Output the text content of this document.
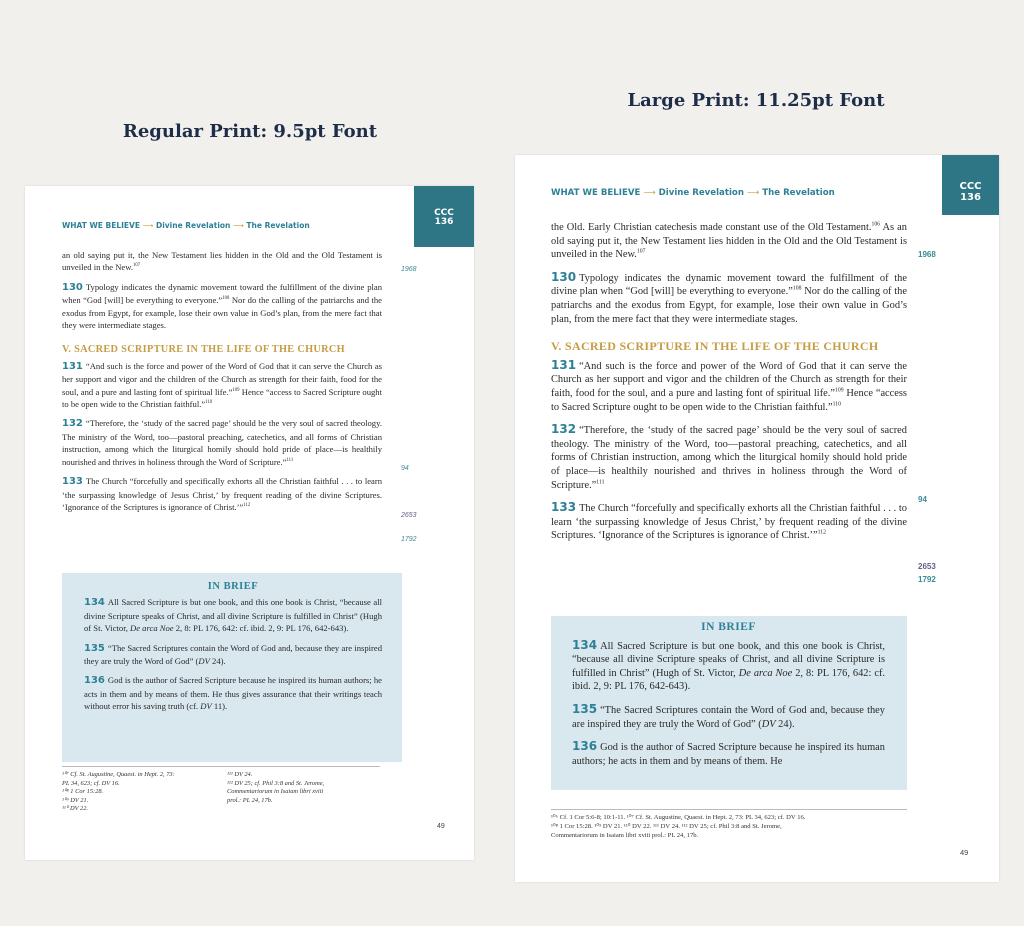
Regular Print: 9.5pt Font
Large Print: 11.25pt Font
CCC
136
WHAT WE BELIEVE ⟶ Divine Revelation ⟶ The Revelation

an old saying put it, the New Testament lies hidden in the Old and the Old Testament is unveiled in the New.$^{107}$

130 Typology indicates the dynamic movement toward the fulfillment of the divine plan when “God [will] be everything to everyone.”$^{108}$ Nor do the calling of the patriarchs and the exodus from Egypt, for example, lose their own value in God’s plan, from the mere fact that they were intermediate stages.

V. SACRED SCRIPTURE IN THE LIFE OF THE CHURCH

131 “And such is the force and power of the Word of God that it can serve the Church as her support and vigor and the children of the Church as strength for their faith, food for the soul, and a pure and lasting font of spiritual life.”$^{109}$ Hence “access to Sacred Scripture ought to be open wide to the Christian faithful.”$^{110}$

132 “Therefore, the ‘study of the sacred page’ should be the very soul of sacred theology. The ministry of the Word, too—pastoral preaching, catechetics, and all forms of Christian instruction, among which the liturgical homily should hold pride of place—is healthily nourished and thrives in holiness through the Word of Scripture.”$^{111}$

133 The Church “forcefully and specifically exhorts all the Christian faithful . . . to learn ‘the surpassing knowledge of Jesus Christ,’ by frequent reading of the divine Scriptures. ‘Ignorance of the Scriptures is ignorance of Christ.’”$^{112}$

1968
94
2653
1792
IN BRIEF

134 All Sacred Scripture is but one book, and this one book is Christ, “because all divine Scripture speaks of Christ, and all divine Scripture is fulfilled in Christ” (Hugh of St. Victor, De arca Noe 2, 8: PL 176, 642: cf. ibid. 2, 9: PL 176, 642-643).

135 “The Sacred Scriptures contain the Word of God and, because they are inspired they are truly the Word of God” (DV 24).

136 God is the author of Sacred Scripture because he inspired its human authors; he acts in them and by means of them. He thus gives assurance that their writings teach without error his saving truth (cf. DV 11).

¹⁰⁷ Cf. St. Augustine, Quaest. in Hept. 2, 73:
PL 34, 623; cf. DV 16.
¹⁰⁸ 1 Cor 15:28.
¹⁰⁹ DV 21.
¹¹⁰ DV 22.
¹¹¹ DV 24.
¹¹² DV 25; cf. Phil 3:8 and St. Jerome,
Commentariorum in Isaiam libri xviii
prol.: PL 24, 17b.
49
CCC
136
WHAT WE BELIEVE ⟶ Divine Revelation ⟶ The Revelation

the Old. Early Christian catechesis made constant use of the Old Testament.$^{106}$ As an old saying put it, the New Testament lies hidden in the Old and the Old Testament is unveiled in the New.$^{107}$

130 Typology indicates the dynamic movement toward the fulfillment of the divine plan when “God [will] be everything to everyone.”$^{108}$ Nor do the calling of the patriarchs and the exodus from Egypt, for example, lose their own value in God’s plan, from the mere fact that they were intermediate stages.

V. SACRED SCRIPTURE IN THE LIFE OF THE CHURCH

131 “And such is the force and power of the Word of God that it can serve the Church as her support and vigor and the children of the Church as strength for their faith, food for the soul, and a pure and lasting font of spiritual life.”$^{109}$ Hence “access to Sacred Scripture ought to be open wide to the Christian faithful.”$^{110}$

132 “Therefore, the ‘study of the sacred page’ should be the very soul of sacred theology. The ministry of the Word, too—pastoral preaching, catechetics, and all forms of Christian instruction, among which the liturgical homily should hold pride of place—is healthily nourished and thrives in holiness through the Word of Scripture.”$^{111}$

133 The Church “forcefully and specifically exhorts all the Christian faithful . . . to learn ‘the surpassing knowledge of Jesus Christ,’ by frequent reading of the divine Scriptures. ‘Ignorance of the Scriptures is ignorance of Christ.’”$^{112}$

1968
94
2653
1792
IN BRIEF

134 All Sacred Scripture is but one book, and this one book is Christ, “because all divine Scripture speaks of Christ, and all divine Scripture is fulfilled in Christ” (Hugh of St. Victor, De arca Noe 2, 8: PL 176, 642: cf. ibid. 2, 9: PL 176, 642-643).

135 “The Sacred Scriptures contain the Word of God and, because they are inspired they are truly the Word of God” (DV 24).

136 God is the author of Sacred Scripture because he inspired its human authors; he acts in them and by means of them. He

¹⁰⁶ Cf. 1 Cor 5:6-8; 10:1-11. ¹⁰⁷ Cf. St. Augustine, Quaest. in Hept. 2, 73: PL 34, 623; cf. DV 16.
¹⁰⁸ 1 Cor 15:28. ¹⁰⁹ DV 21. ¹¹⁰ DV 22. ¹¹¹ DV 24. ¹¹² DV 25; cf. Phil 3:8 and St. Jerome,
Commentariorum in Isaiam libri xviii prol.: PL 24, 17b.
49
